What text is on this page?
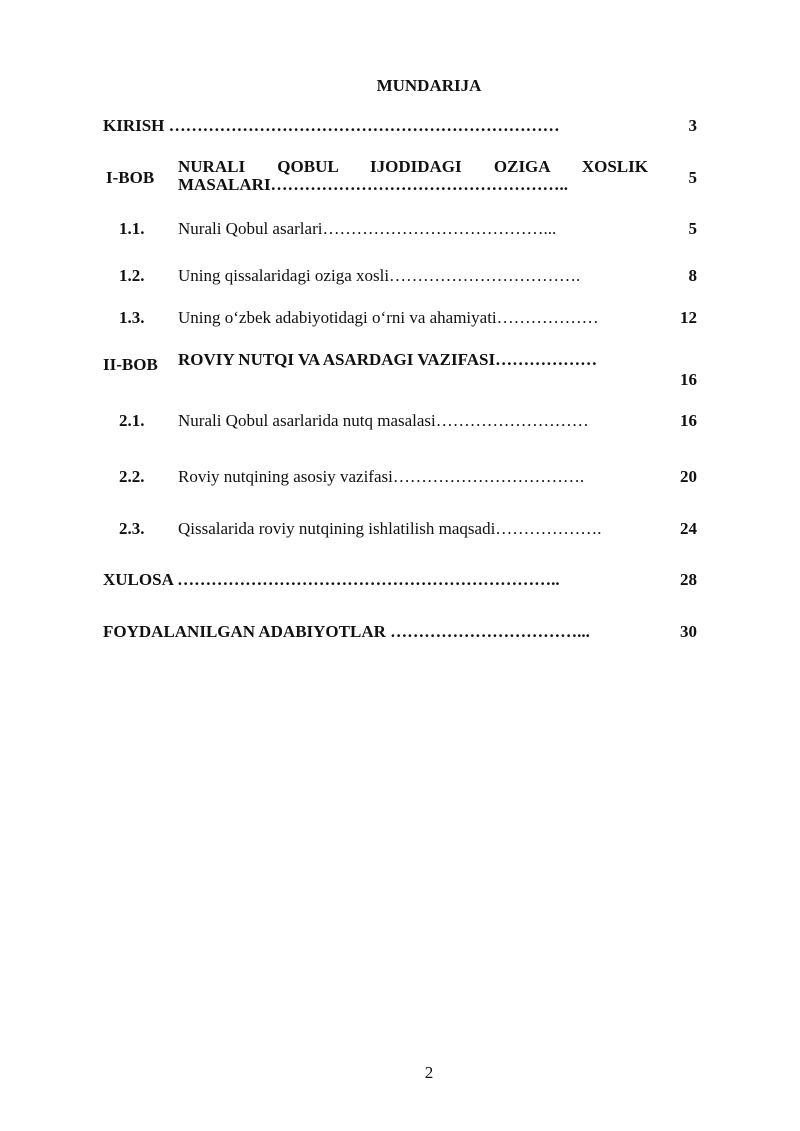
MUNDARIJA
KIRISH ……………………………………………………………	3
I-BOB
NURALI QOBUL IJODIDAGI OZIGA XOSLIK
MASALARI……………………………………………..	5
1.1. Nurali Qobul asarlari…………………………………...	5
1.2. Uning qissalaridagi oziga xosli…………………………….	8
1.3. Uning o‘zbek adabiyotidagi o‘rni va ahamiyati………………	12
II-BOB ROVIY NUTQI VA ASARDAGI VAZIFASI………………
16
2.1. Nurali Qobul asarlarida nutq masalasi………………………	16
2.2. Roviy nutqining asosiy vazifasi…………………………….	20
2.3. Qissalarida roviy nutqining ishlatilish maqsadi……………….	24
XULOSA …………………………………………………………..	28
FOYDALANILGAN ADABIYOTLAR ……………………………...	30
2
